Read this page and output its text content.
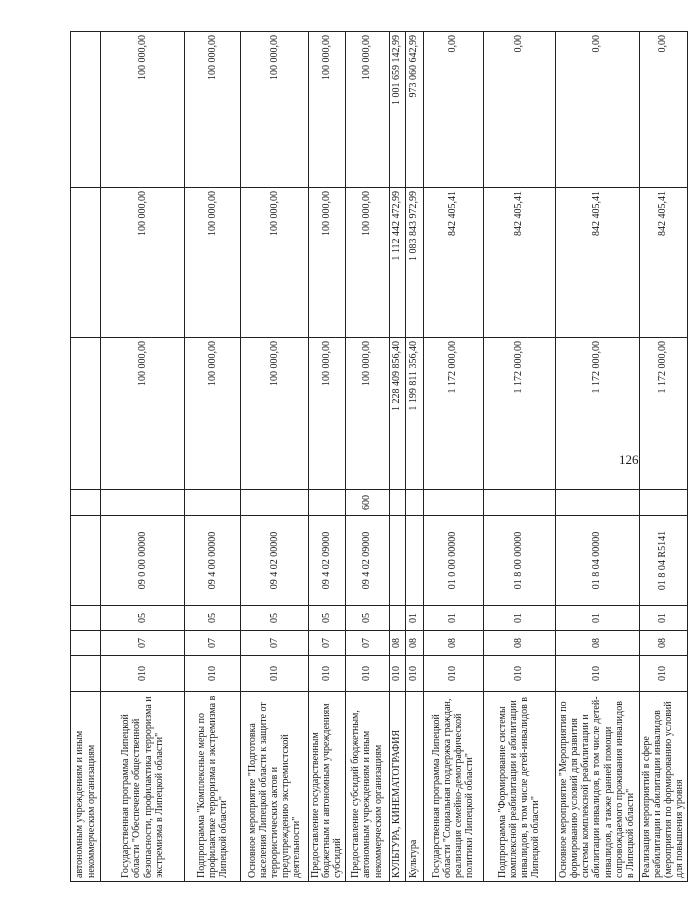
126
автономным учреждениям и иным некоммерческим организациям								
Государственная программа Липецкой области "Обеспечение общественной безопасности, профилактика терроризма и экстремизма в Липецкой области"	010	07	05	09 0 00 00000		100 000,00	100 000,00	100 000,00
Подпрограмма "Комплексные меры по профилактике терроризма и экстремизма в Липецкой области"	010	07	05	09 4 00 00000		100 000,00	100 000,00	100 000,00
Основное мероприятие "Подготовка населения Липецкой области к защите от террористических актов и предупреждению экстремистской деятельности"	010	07	05	09 4 02 00000		100 000,00	100 000,00	100 000,00
Предоставление государственным бюджетным и автономным учреждениям субсидий	010	07	05	09 4 02 09000		100 000,00	100 000,00	100 000,00
Предоставление субсидий бюджетным, автономным учреждениям и иным некоммерческим организациям	010	07	05	09 4 02 09000	600	100 000,00	100 000,00	100 000,00
КУЛЬТУРА, КИНЕМАТОГРАФИЯ	010	08				1 228 409 856,40	1 112 442 472,99	1 001 659 142,99
Культура	010	08	01			1 199 811 356,40	1 083 843 972,99	973 060 642,99
Государственная программа Липецкой области "Социальная поддержка граждан, реализация семейно-демографической политики Липецкой области"	010	08	01	01 0 00 00000		1 172 000,00	842 405,41	0,00
Подпрограмма "Формирование системы комплексной реабилитации и абилитации инвалидов, в том числе детей-инвалидов в Липецкой области"	010	08	01	01 8 00 00000		1 172 000,00	842 405,41	0,00
Основное мероприятие "Мероприятия по формированию условий для развития системы комплексной реабилитации и абилитации инвалидов, в том числе детей-инвалидов, а также ранней помощи сопровождаемого проживания инвалидов в Липецкой области"	010	08	01	01 8 04 00000		1 172 000,00	842 405,41	0,00
Реализация мероприятий в сфере реабилитации и абилитации инвалидов (мероприятия по формированию условий для повышения уровня	010	08	01	01 8 04 R5141		1 172 000,00	842 405,41	0,00
